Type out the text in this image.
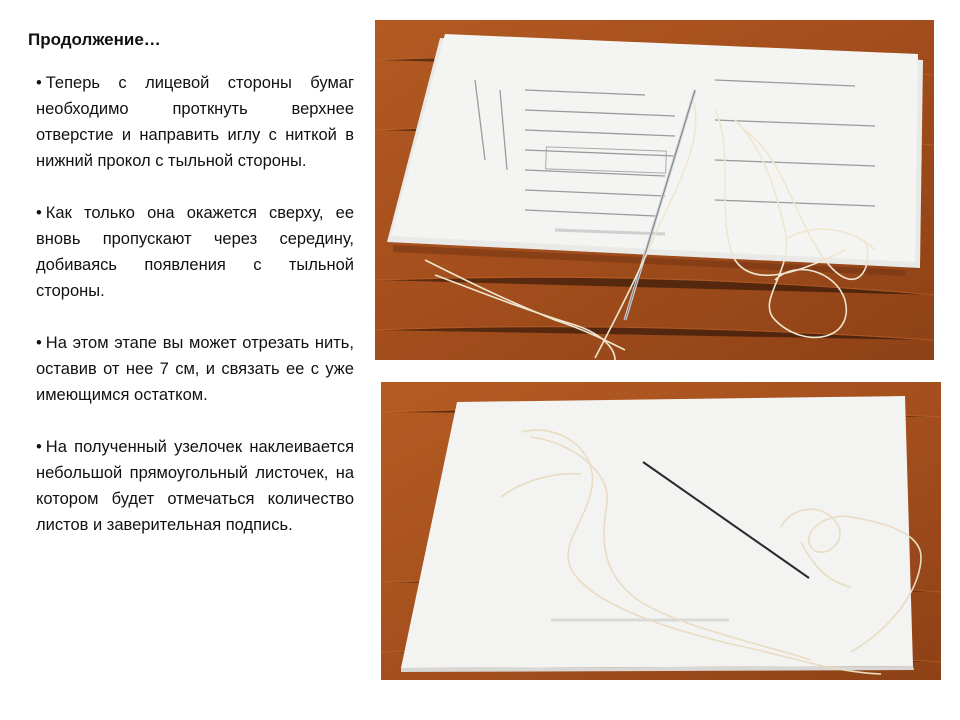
Продолжение…

• Теперь с лицевой стороны бумаг необходимо проткнуть верхнее отверстие и направить иглу с ниткой в нижний прокол с тыльной стороны.

• Как только она окажется сверху, ее вновь пропускают через середину, добиваясь появления с тыльной стороны.

• На этом этапе вы может отрезать нить, оставив от нее 7 см, и связать ее с уже имеющимся остатком.

• На полученный узелочек наклеивается небольшой прямоугольный листочек, на котором будет отмечаться количество листов и заверительная подпись.
